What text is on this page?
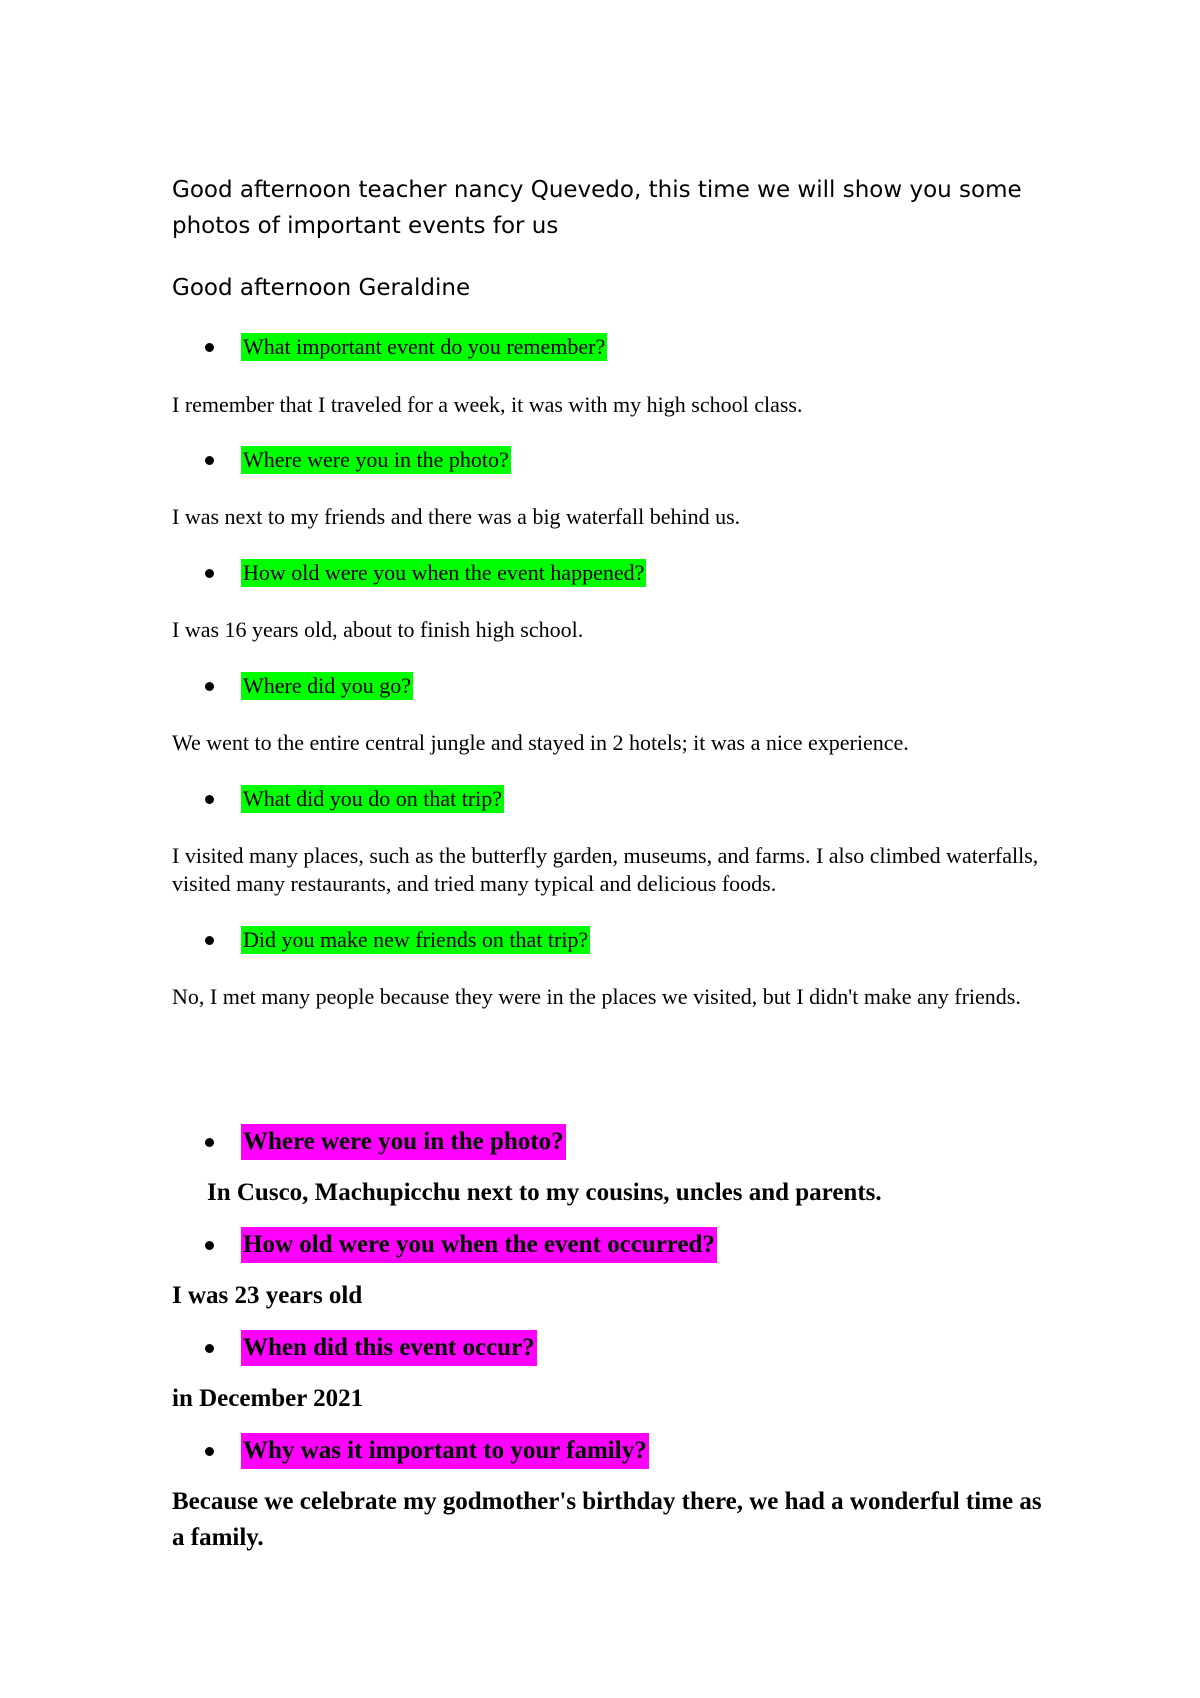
Good afternoon teacher nancy Quevedo, this time we will show you some photos of important events for us

Good afternoon Geraldine

What important event do you remember?

I remember that I traveled for a week, it was with my high school class.

Where were you in the photo?

I was next to my friends and there was a big waterfall behind us.

How old were you when the event happened?

I was 16 years old, about to finish high school.

Where did you go?

We went to the entire central jungle and stayed in 2 hotels; it was a nice experience.

What did you do on that trip?

I visited many places, such as the butterfly garden, museums, and farms. I also climbed waterfalls, visited many restaurants, and tried many typical and delicious foods.

Did you make new friends on that trip?

No, I met many people because they were in the places we visited, but I didn't make any friends.

Where were you in the photo?

In Cusco, Machupicchu next to my cousins, uncles and parents.

How old were you when the event occurred?

I was 23 years old

When did this event occur?

in December 2021

Why was it important to your family?

Because we celebrate my godmother's birthday there, we had a wonderful time as a family.
